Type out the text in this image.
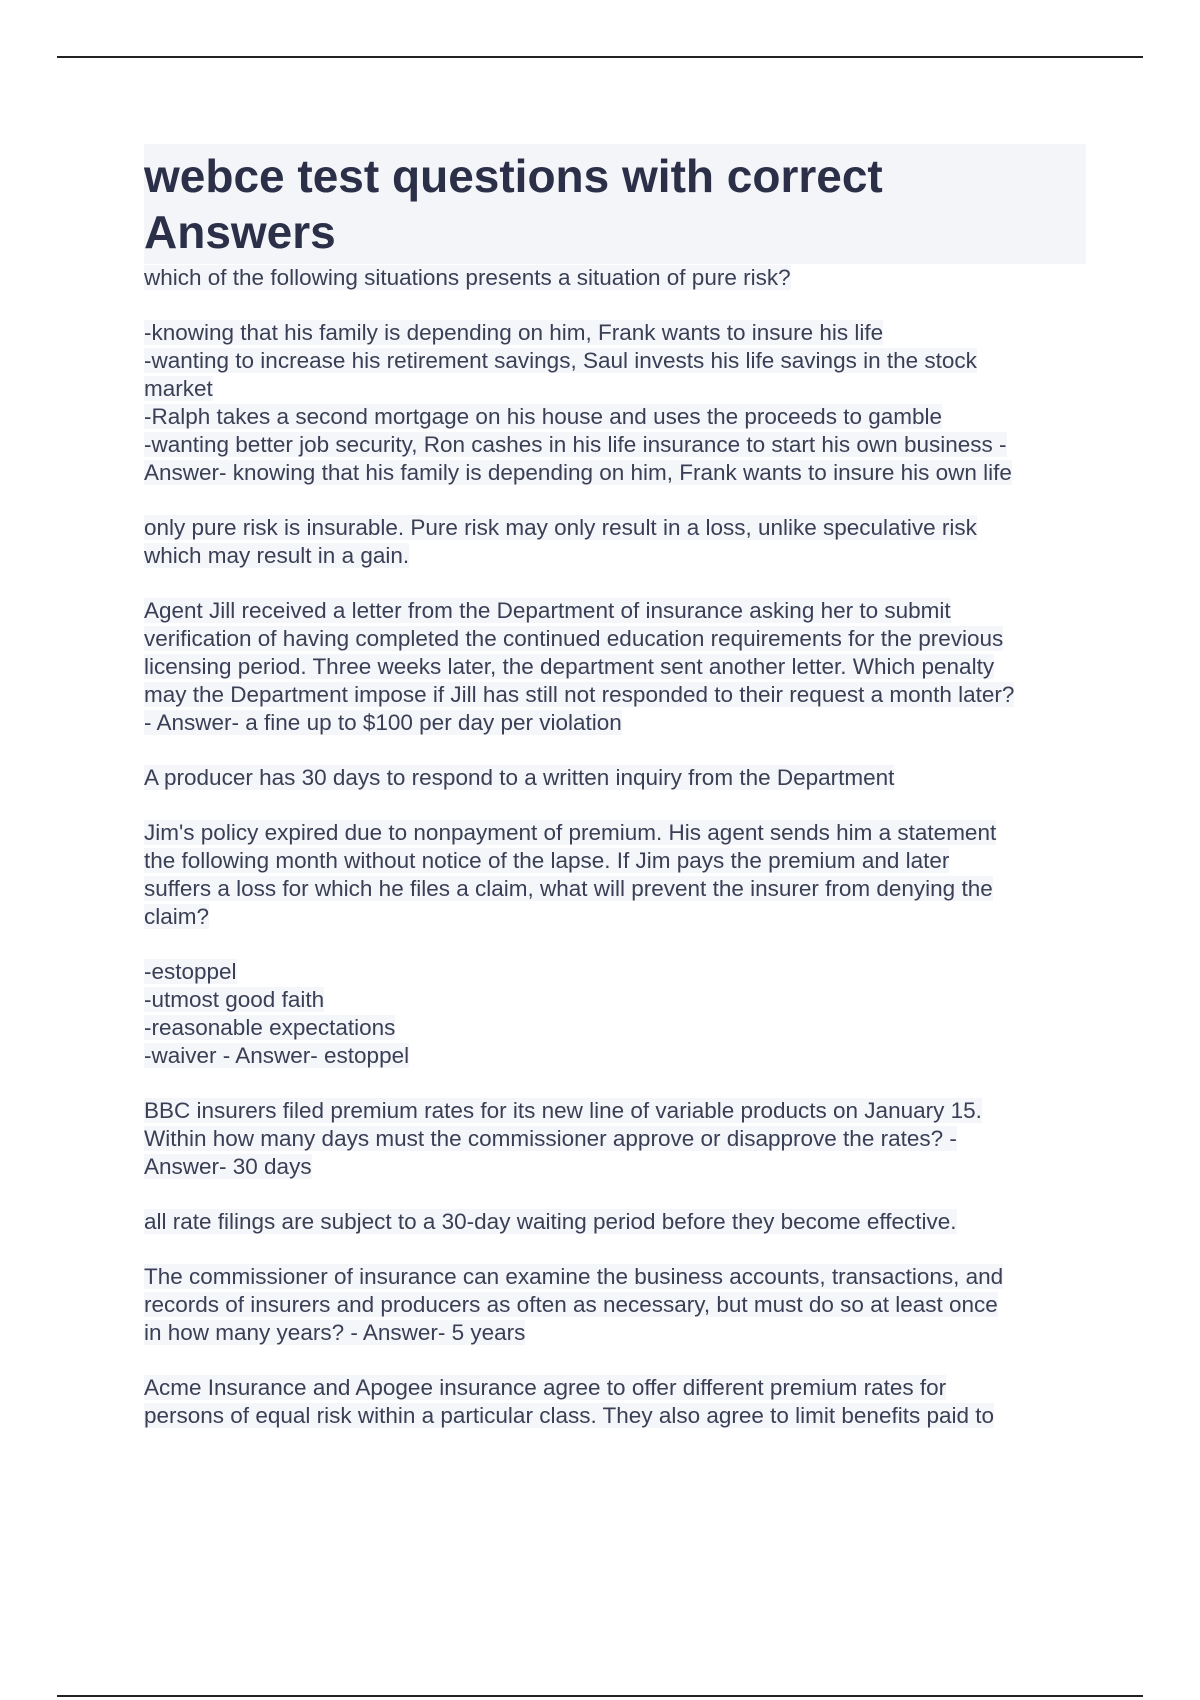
webce test questions with correct
Answers
which of the following situations presents a situation of pure risk?
-knowing that his family is depending on him, Frank wants to insure his life
-wanting to increase his retirement savings, Saul invests his life savings in the stock
market
-Ralph takes a second mortgage on his house and uses the proceeds to gamble
-wanting better job security, Ron cashes in his life insurance to start his own business -
Answer- knowing that his family is depending on him, Frank wants to insure his own life
only pure risk is insurable. Pure risk may only result in a loss, unlike speculative risk
which may result in a gain.
Agent Jill received a letter from the Department of insurance asking her to submit
verification of having completed the continued education requirements for the previous
licensing period. Three weeks later, the department sent another letter. Which penalty
may the Department impose if Jill has still not responded to their request a month later?
- Answer- a fine up to $100 per day per violation
A producer has 30 days to respond to a written inquiry from the Department
Jim's policy expired due to nonpayment of premium. His agent sends him a statement
the following month without notice of the lapse. If Jim pays the premium and later
suffers a loss for which he files a claim, what will prevent the insurer from denying the
claim?
-estoppel
-utmost good faith
-reasonable expectations
-waiver - Answer- estoppel
BBC insurers filed premium rates for its new line of variable products on January 15.
Within how many days must the commissioner approve or disapprove the rates? -
Answer- 30 days
all rate filings are subject to a 30-day waiting period before they become effective.
The commissioner of insurance can examine the business accounts, transactions, and
records of insurers and producers as often as necessary, but must do so at least once
in how many years? - Answer- 5 years
Acme Insurance and Apogee insurance agree to offer different premium rates for
persons of equal risk within a particular class. They also agree to limit benefits paid to
